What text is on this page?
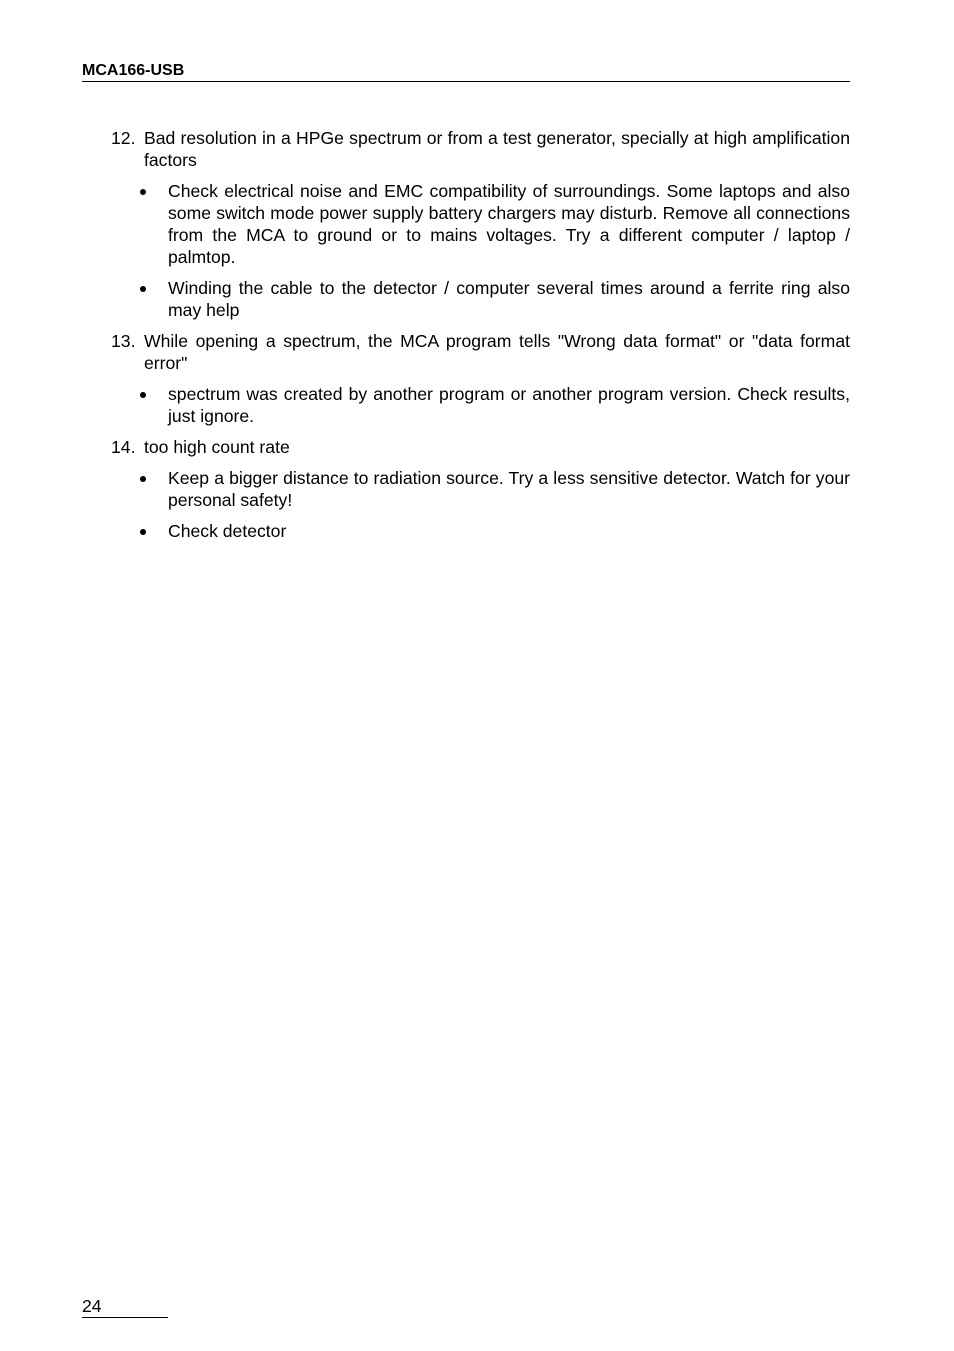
MCA166-USB
12. Bad resolution in a HPGe spectrum or from a test generator, specially at high amplification factors
Check electrical noise and EMC compatibility of surroundings. Some laptops and also some switch mode power supply battery chargers may disturb. Remove all connections from the MCA to ground or to mains voltages. Try a different computer / laptop / palmtop.
Winding the cable to the detector / computer several times around a ferrite ring also may help
13. While opening a spectrum, the MCA program tells "Wrong data format" or "data format error"
spectrum was created by another program or another program version. Check results, just ignore.
14. too high count rate
Keep a bigger distance to radiation source. Try a less sensitive detector. Watch for your personal safety!
Check detector
24
